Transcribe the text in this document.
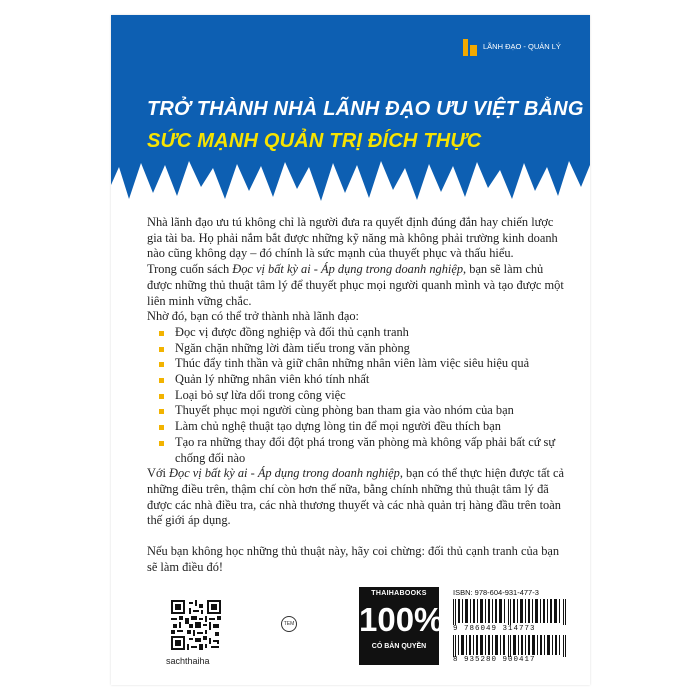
LÃNH ĐẠO - QUẢN LÝ
TRỞ THÀNH NHÀ LÃNH ĐẠO ƯU VIỆT BẰNG
SỨC MẠNH QUẢN TRỊ ĐÍCH THỰC

Nhà lãnh đạo ưu tú không chỉ là người đưa ra quyết định đúng đắn hay chiến lược gia tài ba. Họ phải nắm bắt được những kỹ năng mà không phải trường kinh doanh nào cũng không dạy – đó chính là sức mạnh của thuyết phục và thấu hiểu.

Trong cuốn sách Đọc vị bất kỳ ai - Áp dụng trong doanh nghiệp, bạn sẽ làm chủ được những thủ thuật tâm lý để thuyết phục mọi người quanh mình và tạo được một liên minh vững chắc.

Nhờ đó, bạn có thể trở thành nhà lãnh đạo:

Đọc vị được đồng nghiệp và đối thủ cạnh tranh
Ngăn chặn những lời đàm tiếu trong văn phòng
Thúc đẩy tinh thần và giữ chân những nhân viên làm việc siêu hiệu quả
Quản lý những nhân viên khó tính nhất
Loại bỏ sự lừa dối trong công việc
Thuyết phục mọi người cùng phòng ban tham gia vào nhóm của bạn
Làm chủ nghệ thuật tạo dựng lòng tin để mọi người đều thích bạn
Tạo ra những thay đổi đột phá trong văn phòng mà không vấp phải bất cứ sự chống đối nào

Với Đọc vị bất kỳ ai - Áp dụng trong doanh nghiệp, bạn có thể thực hiện được tất cả những điều trên, thậm chí còn hơn thế nữa, bằng chính những thủ thuật tâm lý đã được các nhà điều tra, các nhà thương thuyết và các nhà quản trị hàng đầu trên toàn thế giới áp dụng.

Nếu bạn không học những thủ thuật này, hãy coi chừng: đối thủ cạnh tranh của bạn sẽ làm điều đó!

sachthaiha
TEM
THAIHABOOKS
100%
CÓ BẢN QUYỀN
ISBN: 978-604-931-477-3
9 786049 314773
8 935280 900417
